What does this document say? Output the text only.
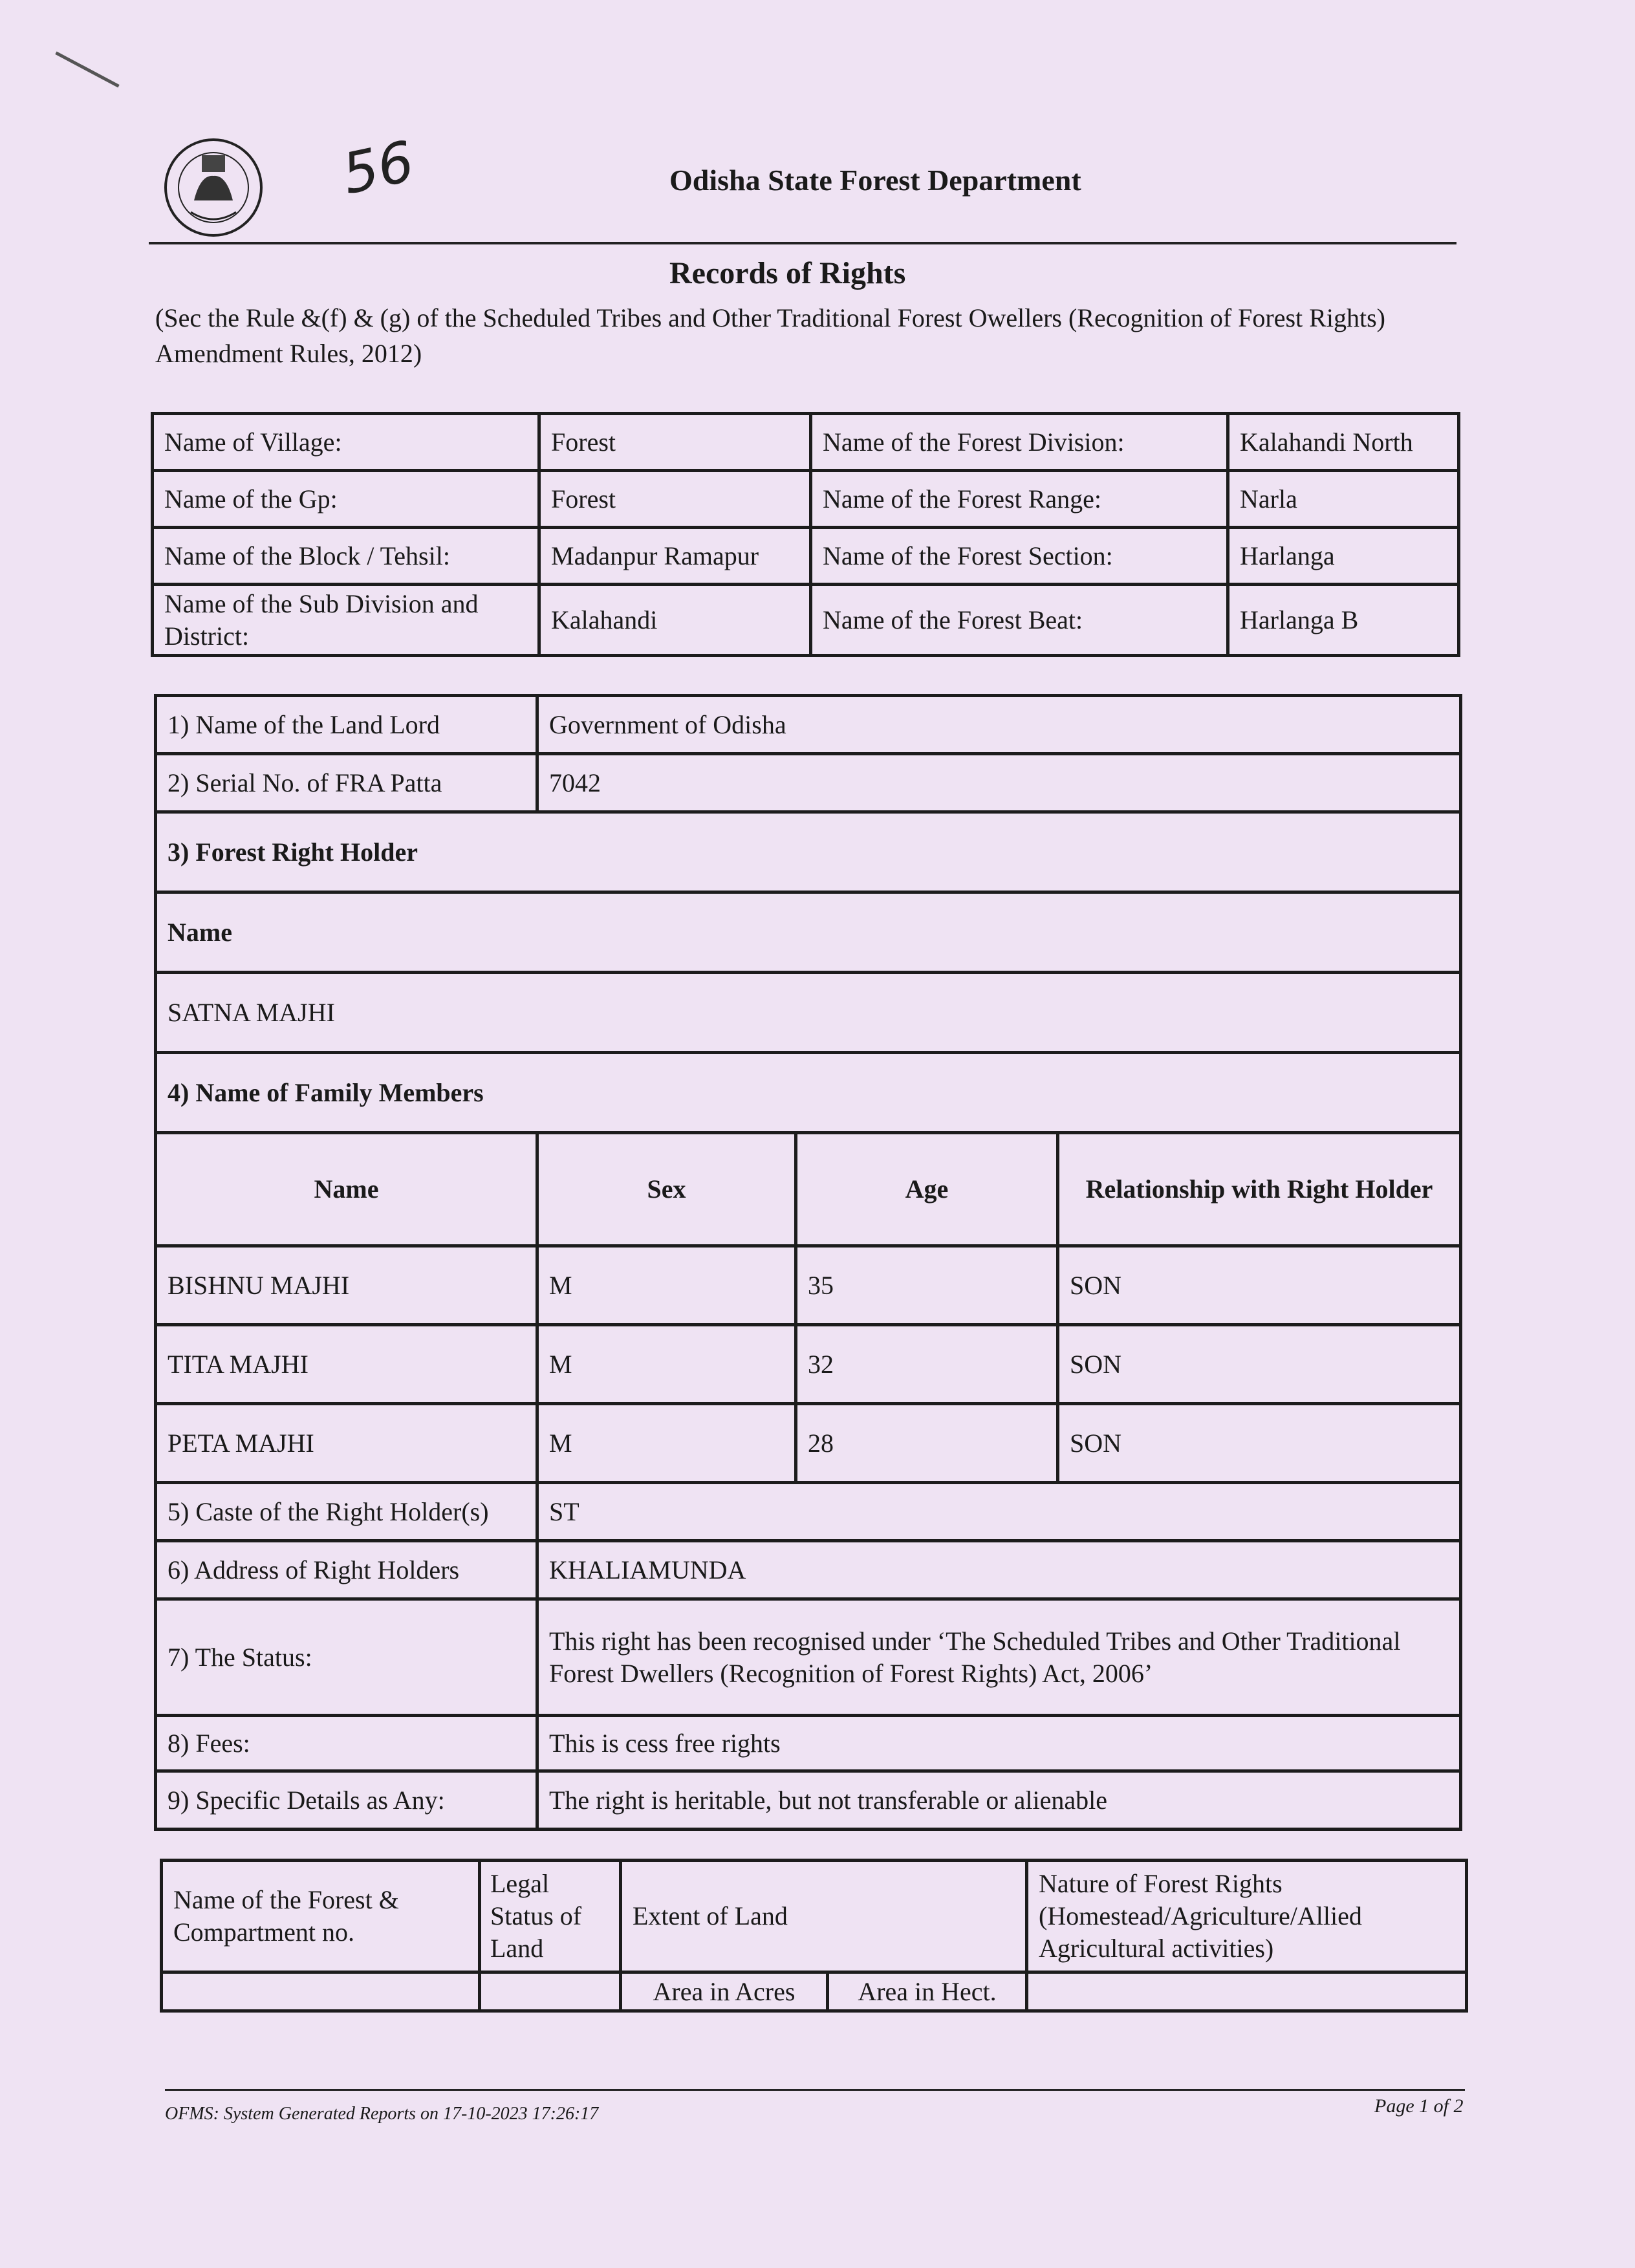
56	Odisha State Forest Department
Records of Rights
(Sec the Rule &(f) & (g) of the Scheduled Tribes and Other Traditional Forest Owellers (Recognition of Forest Rights) Amendment Rules, 2012)
Name of Village:	Forest	Name of the Forest Division:	Kalahandi North
Name of the Gp:	Forest	Name of the Forest Range:	Narla
Name of the Block / Tehsil:	Madanpur Ramapur	Name of the Forest Section:	Harlanga
Name of the Sub Division and District:	Kalahandi	Name of the Forest Beat:	Harlanga B
1) Name of the Land Lord	Government of Odisha		
2) Serial No. of FRA Patta	7042		
3) Forest Right Holder			
Name			
SATNA MAJHI			
4) Name of Family Members			
Name	Sex	Age	Relationship with Right Holder
BISHNU MAJHI	M	35	SON
TITA MAJHI	M	32	SON
PETA MAJHI	M	28	SON
5) Caste of the Right Holder(s)	ST		
6) Address of Right Holders	KHALIAMUNDA		
7) The Status:	This right has been recognised under ‘The Scheduled Tribes and Other Traditional
Forest Dwellers (Recognition of Forest Rights) Act, 2006’		

8) Fees:	This is cess free rights		
9) Specific Details as Any:	The right is heritable, but not transferable or alienable		
Name of the Forest & Compartment no.	Legal Status of Land	Extent of Land		Nature of Forest Rights (Homestead/Agriculture/Allied Agricultural activities)
		Area in Acres	Area in Hect.	
OFMS: System Generated Reports on 17-10-2023 17:26:17	Page 1 of 2
